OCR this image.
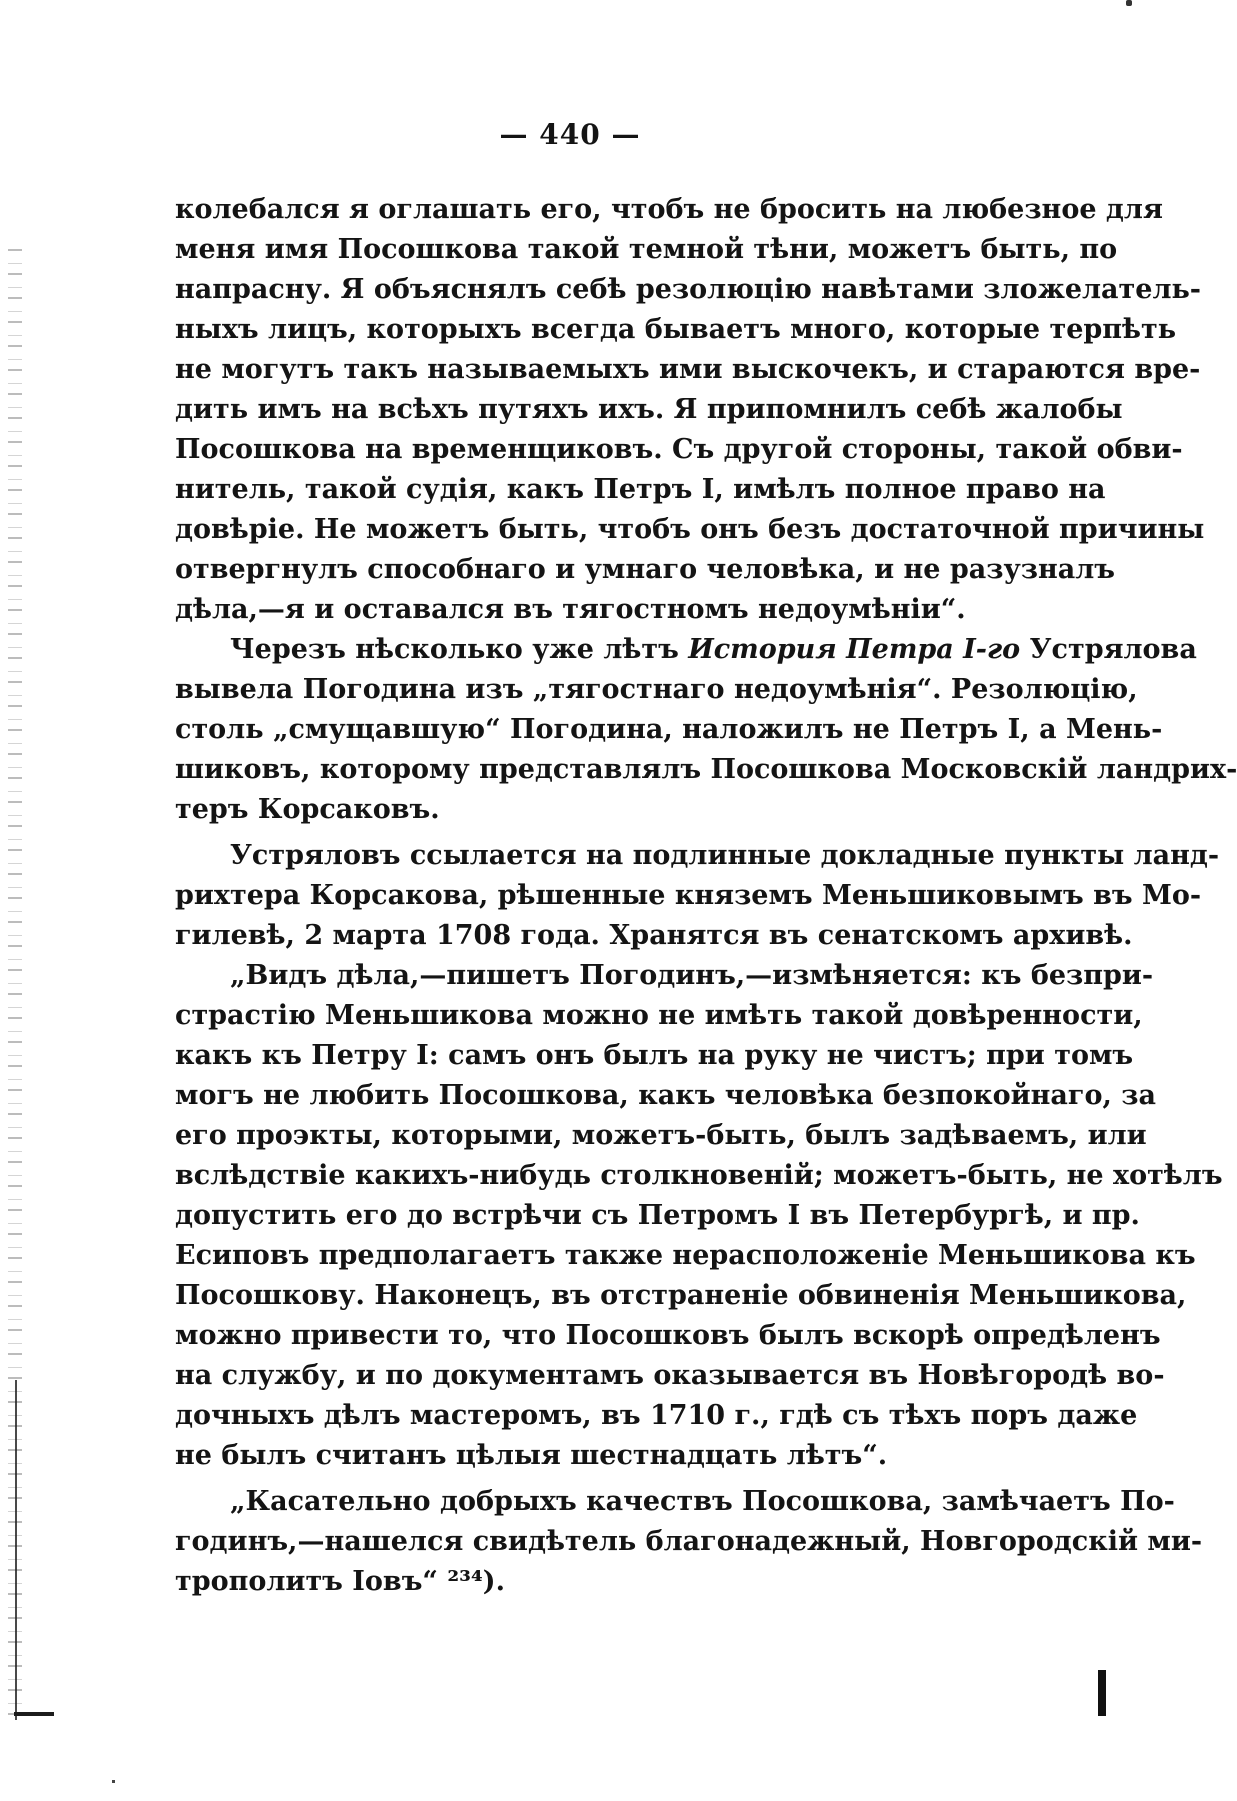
— 440 —
колебался я оглашать его, чтобъ не бросить на любезное для
меня имя Посошкова такой темной тѣни, можетъ быть, по
напрасну. Я объяснялъ себѣ резолюцію навѣтами зложелатель-
ныхъ лицъ, которыхъ всегда бываетъ много, которые терпѣть
не могутъ такъ называемыхъ ими выскочекъ, и стараются вре-
дить имъ на всѣхъ путяхъ ихъ. Я припомнилъ себѣ жалобы
Посошкова на временщиковъ. Съ другой стороны, такой обви-
нитель, такой судія, какъ Петръ I, имѣлъ полное право на
довѣріе. Не можетъ быть, чтобъ онъ безъ достаточной причины
отвергнулъ способнаго и умнаго человѣка, и не разузналъ
дѣла,—я и оставался въ тягостномъ недоумѣніи“.
Черезъ нѣсколько уже лѣтъ История Петра I-го Устрялова
вывела Погодина изъ „тягостнаго недоумѣнія“. Резолюцію,
столь „смущавшую“ Погодина, наложилъ не Петръ I, а Мень-
шиковъ, которому представлялъ Посошкова Московскій ландрих-
теръ Корсаковъ.
Устряловъ ссылается на подлинные докладные пункты ланд-
рихтера Корсакова, рѣшенные княземъ Меньшиковымъ въ Мо-
гилевѣ, 2 марта 1708 года. Хранятся въ сенатскомъ архивѣ.
„Видъ дѣла,—пишетъ Погодинъ,—измѣняется: къ безпри-
страстію Меньшикова можно не имѣть такой довѣренности,
какъ къ Петру I: самъ онъ былъ на руку не чистъ; при томъ
могъ не любить Посошкова, какъ человѣка безпокойнаго, за
его проэкты, которыми, можетъ-быть, былъ задѣваемъ, или
вслѣдствіе какихъ-нибудь столкновеній; можетъ-быть, не хотѣлъ
допустить его до встрѣчи съ Петромъ I въ Петербургѣ, и пр.
Есиповъ предполагаетъ также нерасположеніе Меньшикова къ
Посошкову. Наконецъ, въ отстраненіе обвиненія Меньшикова,
можно привести то, что Посошковъ былъ вскорѣ опредѣленъ
на службу, и по документамъ оказывается въ Новѣгородѣ во-
дочныхъ дѣлъ мастеромъ, въ 1710 г., гдѣ съ тѣхъ поръ даже
не былъ считанъ цѣлыя шестнадцать лѣтъ“.
„Касательно добрыхъ качествъ Посошкова, замѣчаетъ По-
годинъ,—нашелся свидѣтель благонадежный, Новгородскій ми-
трополитъ Іовъ“ ²³⁴).
